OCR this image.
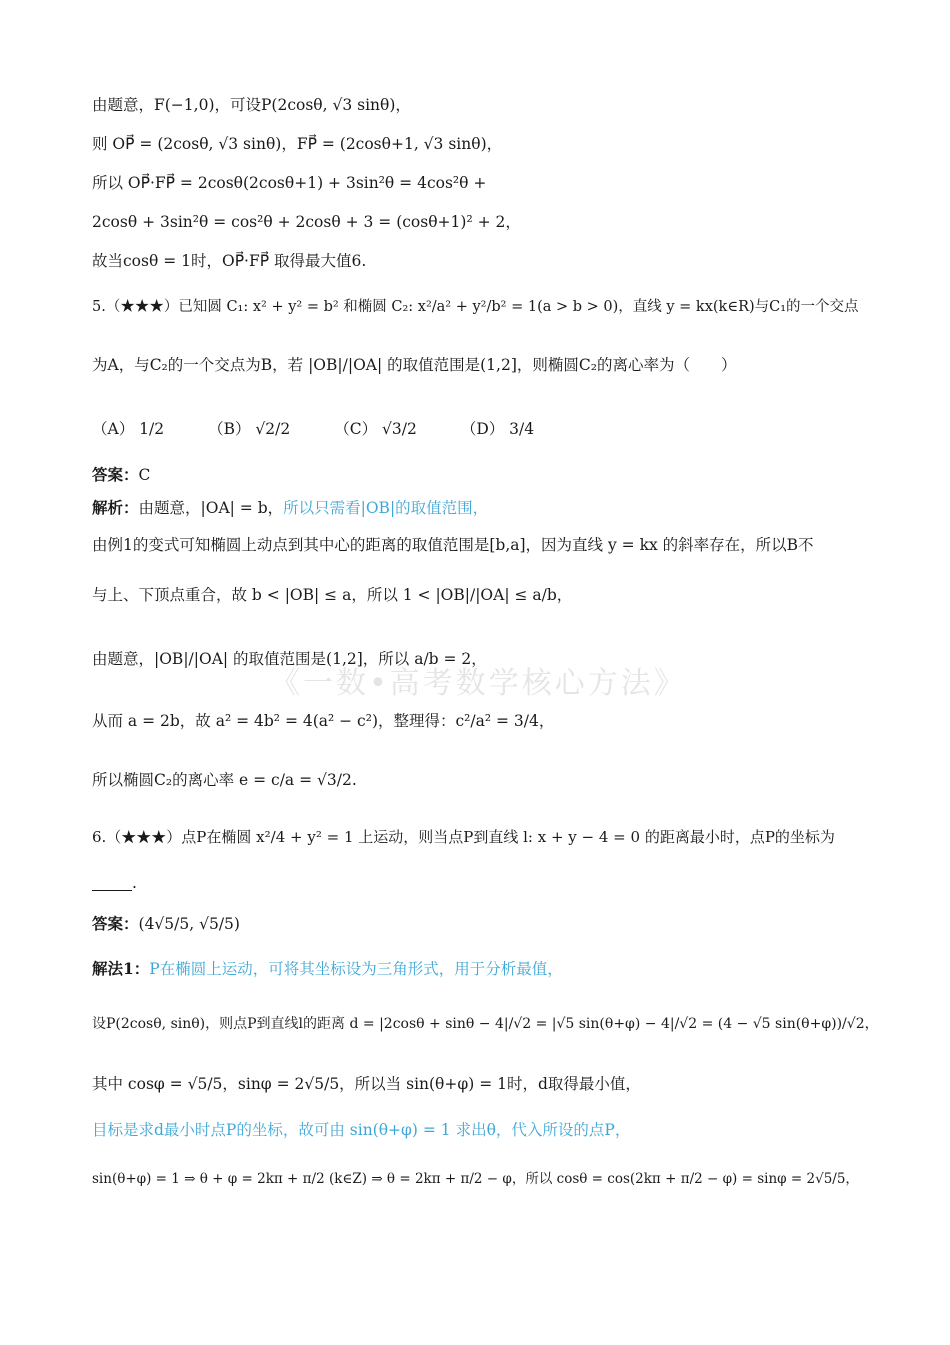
《一数•高考数学核心方法》
由题意，F(−1,0)，可设P(2cosθ, √3 sinθ)，
则 OP⃗ = (2cosθ, √3 sinθ)，FP⃗ = (2cosθ+1, √3 sinθ)，
所以 OP⃗·FP⃗ = 2cosθ(2cosθ+1) + 3sin²θ = 4cos²θ +
2cosθ + 3sin²θ = cos²θ + 2cosθ + 3 = (cosθ+1)² + 2，
故当cosθ = 1时，OP⃗·FP⃗ 取得最大值6.
5.（★★★）已知圆 C₁: x² + y² = b² 和椭圆 C₂: x²/a² + y²/b² = 1(a > b > 0)，直线 y = kx(k∈R)与C₁的一个交点
为A，与C₂的一个交点为B，若 |OB|/|OA| 的取值范围是(1,2]，则椭圆C₂的离心率为（　　）
（A） 1/2	（B） √2/2	（C） √3/2	（D） 3/4
答案： C
解析： 由题意，|OA| = b， 所以只需看|OB|的取值范围，
由例1的变式可知椭圆上动点到其中心的距离的取值范围是[b,a]，因为直线 y = kx 的斜率存在，所以B不
与上、下顶点重合，故 b < |OB| ≤ a，所以 1 < |OB|/|OA| ≤ a/b，
由题意，|OB|/|OA| 的取值范围是(1,2]，所以 a/b = 2，
从而 a = 2b，故 a² = 4b² = 4(a² − c²)，整理得：c²/a² = 3/4，
所以椭圆C₂的离心率 e = c/a = √3/2.
6.（★★★）点P在椭圆 x²/4 + y² = 1 上运动，则当点P到直线 l: x + y − 4 = 0 的距离最小时，点P的坐标为
.
答案： (4√5/5, √5/5)
解法1： P在椭圆上运动，可将其坐标设为三角形式，用于分析最值，
设P(2cosθ, sinθ)，则点P到直线l的距离 d = |2cosθ + sinθ − 4|/√2 = |√5 sin(θ+φ) − 4|/√2 = (4 − √5 sin(θ+φ))/√2，
其中 cosφ = √5/5，sinφ = 2√5/5，所以当 sin(θ+φ) = 1时，d取得最小值，
目标是求d最小时点P的坐标，故可由 sin(θ+φ) = 1 求出θ，代入所设的点P，
sin(θ+φ) = 1 ⇒ θ + φ = 2kπ + π/2 (k∈Z) ⇒ θ = 2kπ + π/2 − φ，所以 cosθ = cos(2kπ + π/2 − φ) = sinφ = 2√5/5，
